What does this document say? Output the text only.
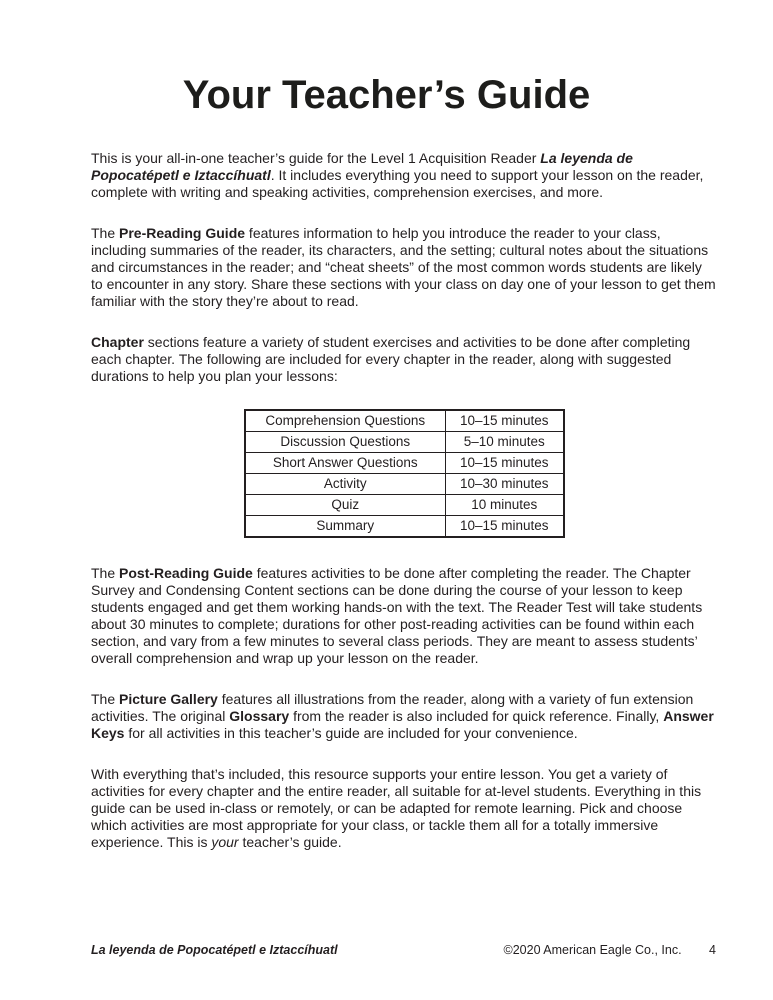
Your Teacher’s Guide

This is your all-in-one teacher’s guide for the Level 1 Acquisition Reader La leyenda de Popocatépetl e Iztaccíhuatl. It includes everything you need to support your lesson on the reader, complete with writing and speaking activities, comprehension exercises, and more.

The Pre-Reading Guide features information to help you introduce the reader to your class, including summaries of the reader, its characters, and the setting; cultural notes about the situations and circumstances in the reader; and “cheat sheets” of the most common words students are likely to encounter in any story. Share these sections with your class on day one of your lesson to get them familiar with the story they’re about to read.

Chapter sections feature a variety of student exercises and activities to be done after completing each chapter. The following are included for every chapter in the reader, along with suggested durations to help you plan your lessons:

Comprehension Questions	10–15 minutes
Discussion Questions	5–10 minutes
Short Answer Questions	10–15 minutes
Activity	10–30 minutes
Quiz	10 minutes
Summary	10–15 minutes

The Post-Reading Guide features activities to be done after completing the reader. The Chapter Survey and Condensing Content sections can be done during the course of your lesson to keep students engaged and get them working hands-on with the text. The Reader Test will take students about 30 minutes to complete; durations for other post-reading activities can be found within each section, and vary from a few minutes to several class periods. They are meant to assess students’ overall comprehension and wrap up your lesson on the reader.

The Picture Gallery features all illustrations from the reader, along with a variety of fun extension activities. The original Glossary from the reader is also included for quick reference. Finally, Answer Keys for all activities in this teacher’s guide are included for your convenience.

With everything that’s included, this resource supports your entire lesson. You get a variety of activities for every chapter and the entire reader, all suitable for at-level students. Everything in this guide can be used in-class or remotely, or can be adapted for remote learning. Pick and choose which activities are most appropriate for your class, or tackle them all for a totally immersive experience. This is your teacher’s guide.

La leyenda de Popocatépetl e Iztaccíhuatl	©2020 American Eagle Co., Inc. 4
